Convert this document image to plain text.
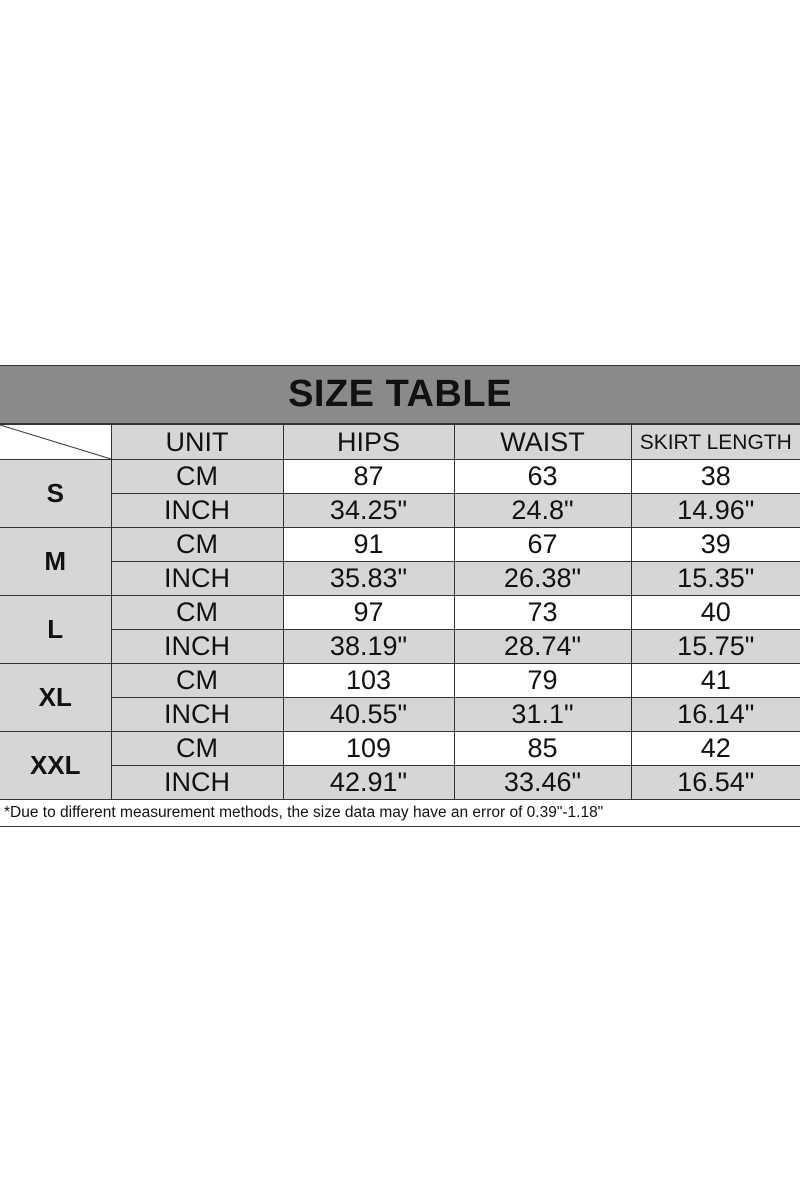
SIZE TABLE
	UNIT	HIPS	WAIST	SKIRT LENGTH
S	CM	87	63	38
	INCH	34.25"	24.8"	14.96"
M	CM	91	67	39
	INCH	35.83"	26.38"	15.35"
L	CM	97	73	40
	INCH	38.19"	28.74"	15.75"
XL	CM	103	79	41
	INCH	40.55"	31.1"	16.14"
XXL	CM	109	85	42
	INCH	42.91"	33.46"	16.54"
*Due to different measurement methods, the size data may have an error of 0.39"-1.18"
